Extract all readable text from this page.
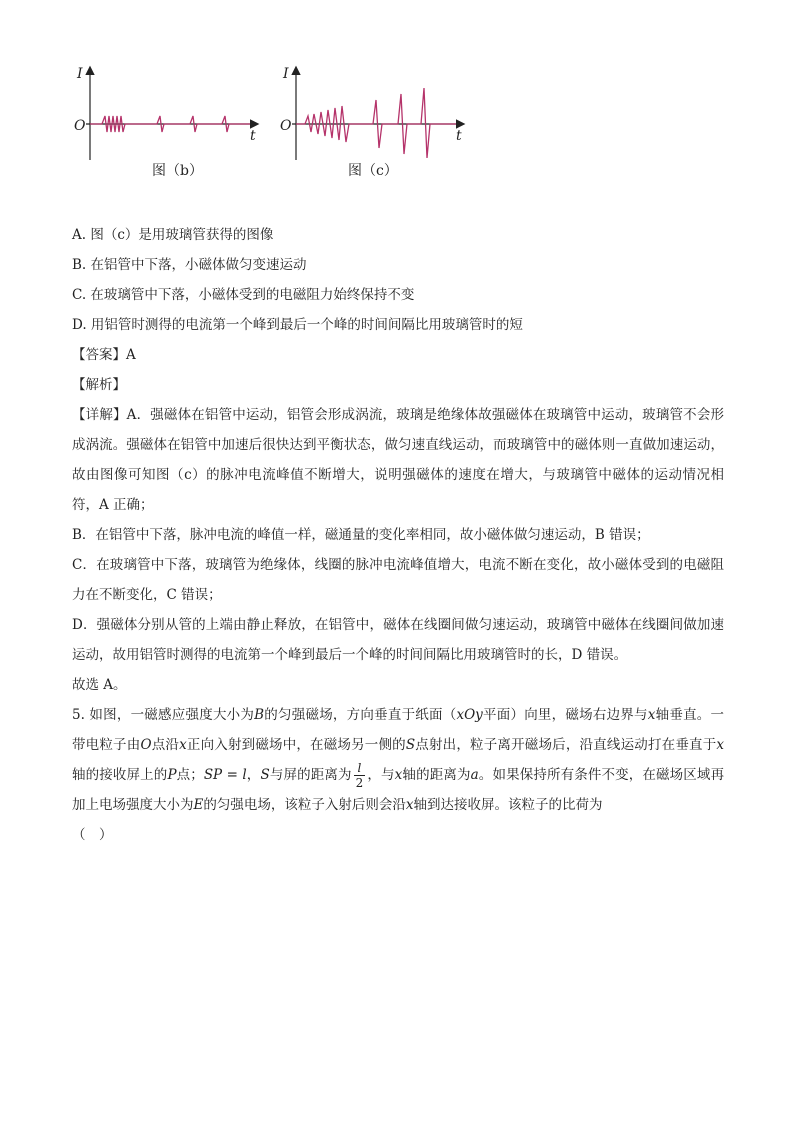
I
O
t
图（b）
I
O
t
图（c）
A. 图（c）是用玻璃管获得的图像
B. 在铝管中下落，小磁体做匀变速运动
C. 在玻璃管中下落，小磁体受到的电磁阻力始终保持不变
D. 用铝管时测得的电流第一个峰到最后一个峰的时间间隔比用玻璃管时的短
【答案】A
【解析】
【详解】A．强磁体在铝管中运动，铝管会形成涡流，玻璃是绝缘体故强磁体在玻璃管中运动，玻璃管不会形成涡流。强磁体在铝管中加速后很快达到平衡状态，做匀速直线运动，而玻璃管中的磁体则一直做加速运动，故由图像可知图（c）的脉冲电流峰值不断增大，说明强磁体的速度在增大，与玻璃管中磁体的运动情况相符，A 正确；
B．在铝管中下落，脉冲电流的峰值一样，磁通量的变化率相同，故小磁体做匀速运动，B 错误；
C．在玻璃管中下落，玻璃管为绝缘体，线圈的脉冲电流峰值增大，电流不断在变化，故小磁体受到的电磁阻力在不断变化，C 错误；
D．强磁体分别从管的上端由静止释放，在铝管中，磁体在线圈间做匀速运动，玻璃管中磁体在线圈间做加速运动，故用铝管时测得的电流第一个峰到最后一个峰的时间间隔比用玻璃管时的长，D 错误。
故选 A。
5. 如图，一磁感应强度大小为B的匀强磁场，方向垂直于纸面（xOy平面）向里，磁场右边界与x轴垂直。一带电粒子由O点沿x正向入射到磁场中，在磁场另一侧的S点射出，粒子离开磁场后，沿直线运动打在垂直于x轴的接收屏上的P点；SP = l，S与屏的距离为 $\frac{l}{2}$ ，与x轴的距离为a。如果保持所有条件不变，在磁场区域再加上电场强度大小为E的匀强电场，该粒子入射后则会沿x轴到达接收屏。该粒子的比荷为
（　）
